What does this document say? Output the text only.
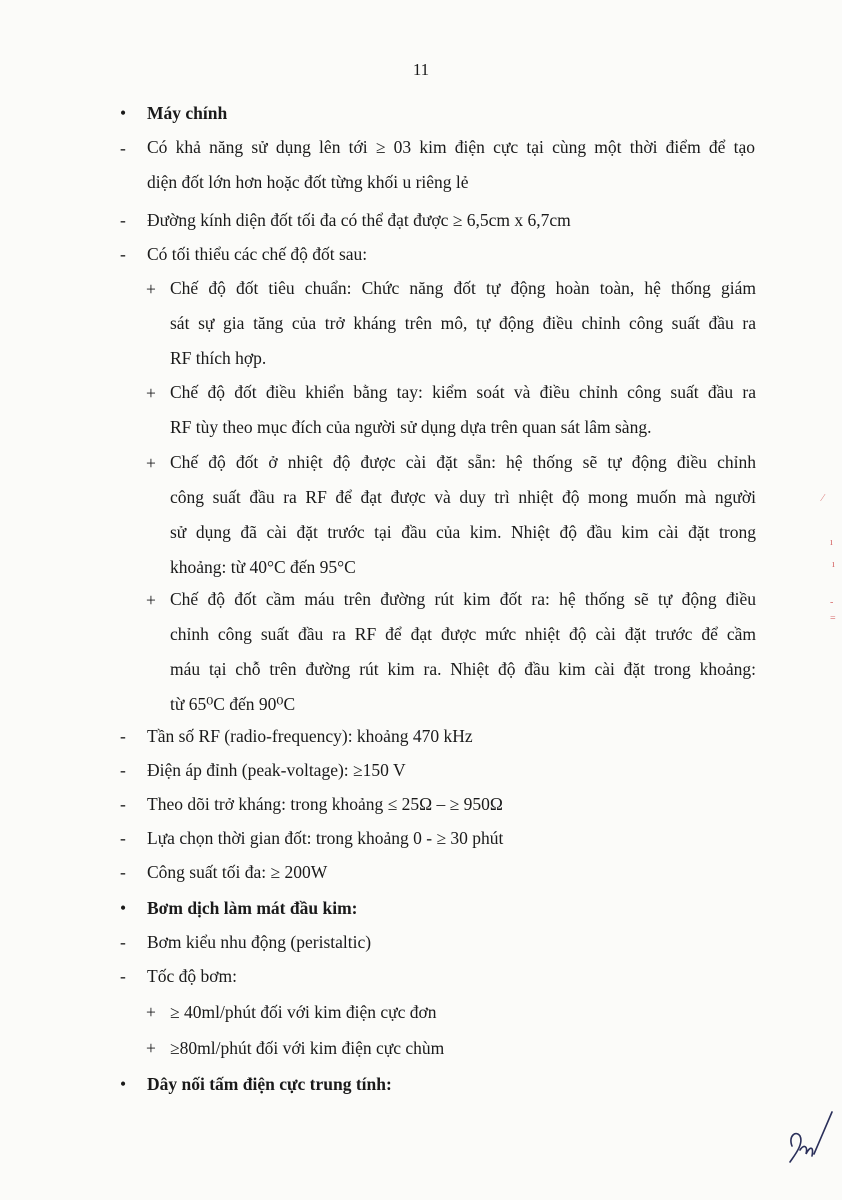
11
• Máy chính
- Có khả năng sử dụng lên tới ≥ 03 kim điện cực tại cùng một thời điểm để tạo
diện đốt lớn hơn hoặc đốt từng khối u riêng lẻ
- Đường kính diện đốt tối đa có thể đạt được ≥ 6,5cm x 6,7cm
- Có tối thiểu các chế độ đốt sau:
+ Chế độ đốt tiêu chuẩn: Chức năng đốt tự động hoàn toàn, hệ thống giám
sát sự gia tăng của trở kháng trên mô, tự động điều chỉnh công suất đầu ra
RF thích hợp.
+ Chế độ đốt điều khiển bằng tay: kiểm soát và điều chỉnh công suất đầu ra
RF tùy theo mục đích của người sử dụng dựa trên quan sát lâm sàng.
+ Chế độ đốt ở nhiệt độ được cài đặt sẵn: hệ thống sẽ tự động điều chỉnh
công suất đầu ra RF để đạt được và duy trì nhiệt độ mong muốn mà người
sử dụng đã cài đặt trước tại đầu của kim. Nhiệt độ đầu kim cài đặt trong
khoảng: từ 40°C đến 95°C
+ Chế độ đốt cầm máu trên đường rút kim đốt ra: hệ thống sẽ tự động điều
chỉnh công suất đầu ra RF để đạt được mức nhiệt độ cài đặt trước để cầm
máu tại chỗ trên đường rút kim ra. Nhiệt độ đầu kim cài đặt trong khoảng:
từ 65⁰C đến 90⁰C
- Tần số RF (radio-frequency): khoảng 470 kHz
- Điện áp đỉnh (peak-voltage): ≥150 V
- Theo dõi trở kháng: trong khoảng ≤ 25Ω – ≥ 950Ω
- Lựa chọn thời gian đốt: trong khoảng 0 - ≥ 30 phút
- Công suất tối đa: ≥ 200W
• Bơm dịch làm mát đầu kim:
- Bơm kiểu nhu động (peristaltic)
- Tốc độ bơm:
+ ≥ 40ml/phút đối với kim điện cực đơn
+ ≥80ml/phút đối với kim điện cực chùm
• Dây nối tấm điện cực trung tính:
⁄
ı
ı
-
=
